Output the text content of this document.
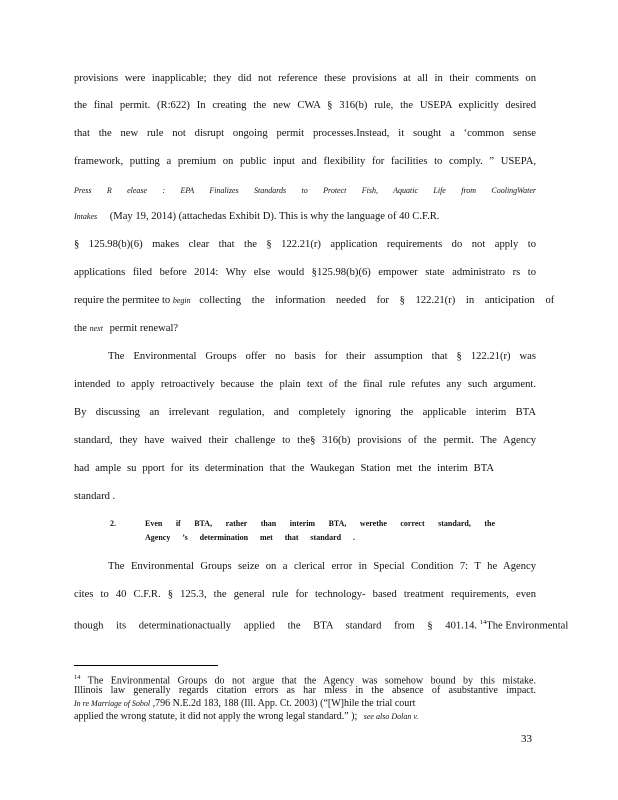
provisions were inapplicable; they did not reference these provisions at all in their comments on
the final permit. (R:622) In creating the new CWA § 316(b) rule, the USEPA explicitly desired
that the new rule not disrupt ongoing permit processes.Instead, it sought a ‘common sense
framework, putting a premium on public input and flexibility for facilities to comply. ” USEPA,
Press R elease : EPA Finalizes Standards to Protect Fish, Aquatic Life from CoolingWater
Intakes (May 19, 2014) (attachedas Exhibit D). This is why the language of 40 C.F.R.
§ 125.98(b)(6) makes clear that the § 122.21(r) application requirements do not apply to
applications filed before 2014: Why else would §125.98(b)(6) empower state administrato rs to
require the permitee to begin collecting the information needed for § 122.21(r) in anticipation of
the next permit renewal?
The Environmental Groups offer no basis for their assumption that § 122.21(r) was
intended to apply retroactively because the plain text of the final rule refutes any such argument.
By discussing an irrelevant regulation, and completely ignoring the applicable interim BTA
standard, they have waived their challenge to the§ 316(b) provisions of the permit. The Agency
had ample su pport for its determination that the Waukegan Station met the interim BTA
standard .
2.	Even if BTA, rather than interim BTA, werethe correct standard, the
Agency ’s determination met that standard .
The Environmental Groups seize on a clerical error in Special Condition 7: T he Agency
cites to 40 C.F.R. § 125.3, the general rule for technology- based treatment requirements, even
though its determinationactually applied the BTA standard from § 401.14. $^{14}$The Environmental
$^{14}$ The Environmental Groups do not argue that the Agency was somehow bound by this mistake.
Illinois law generally regards citation errors as har mless in the absence of asubstantive impact.
In re Marriage of Sobol ,796 N.E.2d 183, 188 (Ill. App. Ct. 2003) (“[W]hile the trial court
applied the wrong statute, it did not apply the wrong legal standard.” ); see also Dolan v.
33
